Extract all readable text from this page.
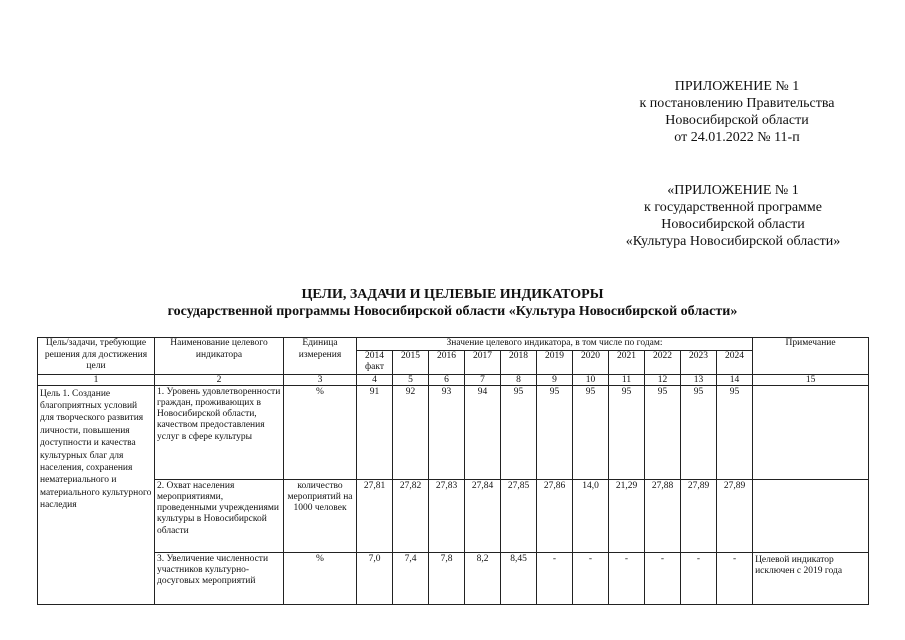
ПРИЛОЖЕНИЕ № 1
к постановлению Правительства
Новосибирской области
от 24.01.2022 № 11-п
«ПРИЛОЖЕНИЕ № 1
к государственной программе
Новосибирской области
«Культура Новосибирской области»
ЦЕЛИ, ЗАДАЧИ И ЦЕЛЕВЫЕ ИНДИКАТОРЫ
государственной программы Новосибирской области «Культура Новосибирской области»
Цель/задачи, требующие решения для достижения цели	Наименование целевого индикатора	Единица измерения	Значение целевого индикатора, в том числе по годам:											Примечание
			2014 факт	2015	2016	2017	2018	2019	2020	2021	2022	2023	2024	
1	2	3	4	5	6	7	8	9	10	11	12	13	14	15
Цель 1. Создание благоприятных условий для творческого развития личности, повышения доступности и качества культурных благ для населения, сохранения нематериального и материального культурного наследия	1. Уровень удовлетворенности граждан, проживающих в Новосибирской области, качеством предоставления услуг в сфере культуры	%	91	92	93	94	95	95	95	95	95	95	95	
	2. Охват населения мероприятиями, проведенными учреждениями культуры в Новосибирской области	количество мероприятий на 1000 человек	27,81	27,82	27,83	27,84	27,85	27,86	14,0	21,29	27,88	27,89	27,89	
	3. Увеличение численности участников культурно-досуговых мероприятий	%	7,0	7,4	7,8	8,2	8,45	-	-	-	-	-	-	Целевой индикатор исключен с 2019 года
